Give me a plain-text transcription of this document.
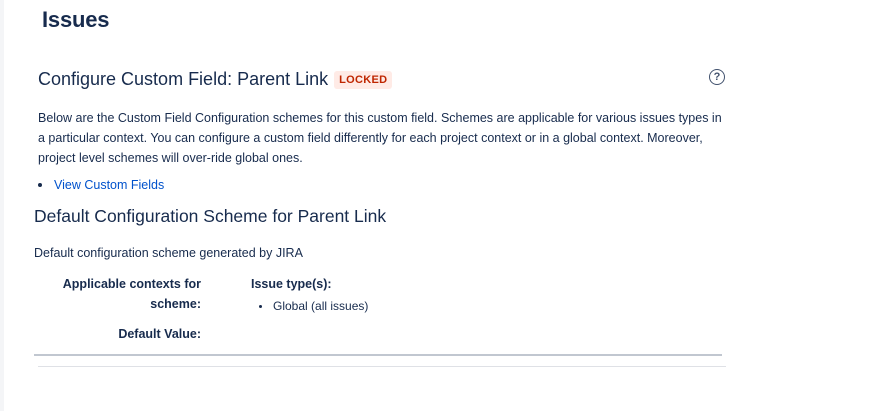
Issues
Configure Custom Field: Parent Link	LOCKED	?

Below are the Custom Field Configuration schemes for this custom field. Schemes are applicable for various issues types in a particular context. You can configure a custom field differently for each project context or in a global context. Moreover, project level schemes will over-ride global ones.

View Custom Fields
Default Configuration Scheme for Parent Link

Default configuration scheme generated by JIRA

Applicable contexts for
scheme:
Issue type(s):
Global (all issues)
Default Value:
